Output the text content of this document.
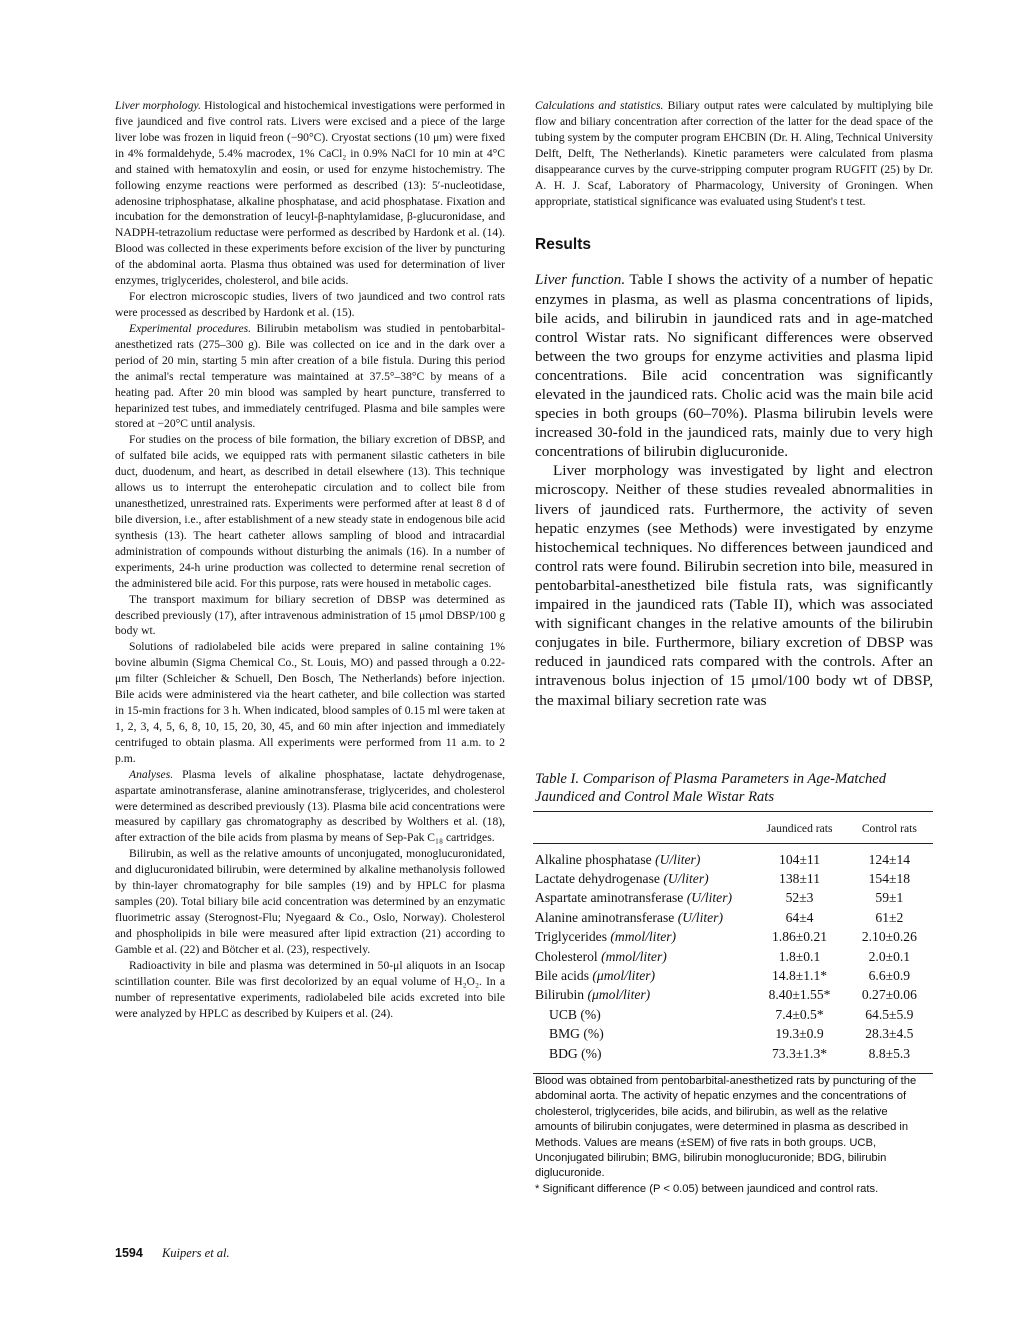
Liver morphology. Histological and histochemical investigations were performed in five jaundiced and five control rats. Livers were excised and a piece of the large liver lobe was frozen in liquid freon (−90°C). Cryostat sections (10 μm) were fixed in 4% formaldehyde, 5.4% macrodex, 1% CaCl₂ in 0.9% NaCl for 10 min at 4°C and stained with hematoxylin and eosin, or used for enzyme histochemistry. The following enzyme reactions were performed as described (13): 5′-nucleotidase, adenosine triphosphatase, alkaline phosphatase, and acid phosphatase. Fixation and incubation for the demonstration of leucyl-β-naphtylamidase, β-glucuronidase, and NADPH-tetrazolium reductase were performed as described by Hardonk et al. (14). Blood was collected in these experiments before excision of the liver by puncturing of the abdominal aorta. Plasma thus obtained was used for determination of liver enzymes, triglycerides, cholesterol, and bile acids.

For electron microscopic studies, livers of two jaundiced and two control rats were processed as described by Hardonk et al. (15).

Experimental procedures. Bilirubin metabolism was studied in pentobarbital-anesthetized rats (275–300 g). Bile was collected on ice and in the dark over a period of 20 min, starting 5 min after creation of a bile fistula. During this period the animal's rectal temperature was maintained at 37.5°–38°C by means of a heating pad. After 20 min blood was sampled by heart puncture, transferred to heparinized test tubes, and immediately centrifuged. Plasma and bile samples were stored at −20°C until analysis.

For studies on the process of bile formation, the biliary excretion of DBSP, and of sulfated bile acids, we equipped rats with permanent silastic catheters in bile duct, duodenum, and heart, as described in detail elsewhere (13). This technique allows us to interrupt the enterohepatic circulation and to collect bile from unanesthetized, unrestrained rats. Experiments were performed after at least 8 d of bile diversion, i.e., after establishment of a new steady state in endogenous bile acid synthesis (13). The heart catheter allows sampling of blood and intracardial administration of compounds without disturbing the animals (16). In a number of experiments, 24-h urine production was collected to determine renal secretion of the administered bile acid. For this purpose, rats were housed in metabolic cages.

The transport maximum for biliary secretion of DBSP was determined as described previously (17), after intravenous administration of 15 μmol DBSP/100 g body wt.

Solutions of radiolabeled bile acids were prepared in saline containing 1% bovine albumin (Sigma Chemical Co., St. Louis, MO) and passed through a 0.22-μm filter (Schleicher & Schuell, Den Bosch, The Netherlands) before injection. Bile acids were administered via the heart catheter, and bile collection was started in 15-min fractions for 3 h. When indicated, blood samples of 0.15 ml were taken at 1, 2, 3, 4, 5, 6, 8, 10, 15, 20, 30, 45, and 60 min after injection and immediately centrifuged to obtain plasma. All experiments were performed from 11 a.m. to 2 p.m.

Analyses. Plasma levels of alkaline phosphatase, lactate dehydrogenase, aspartate aminotransferase, alanine aminotransferase, triglycerides, and cholesterol were determined as described previously (13). Plasma bile acid concentrations were measured by capillary gas chromatography as described by Wolthers et al. (18), after extraction of the bile acids from plasma by means of Sep-Pak C₁₈ cartridges.

Bilirubin, as well as the relative amounts of unconjugated, monoglucuronidated, and diglucuronidated bilirubin, were determined by alkaline methanolysis followed by thin-layer chromatography for bile samples (19) and by HPLC for plasma samples (20). Total biliary bile acid concentration was determined by an enzymatic fluorimetric assay (Sterognost-Flu; Nyegaard & Co., Oslo, Norway). Cholesterol and phospholipids in bile were measured after lipid extraction (21) according to Gamble et al. (22) and Bötcher et al. (23), respectively.

Radioactivity in bile and plasma was determined in 50-μl aliquots in an Isocap scintillation counter. Bile was first decolorized by an equal volume of H₂O₂. In a number of representative experiments, radiolabeled bile acids excreted into bile were analyzed by HPLC as described by Kuipers et al. (24).

Calculations and statistics. Biliary output rates were calculated by multiplying bile flow and biliary concentration after correction of the latter for the dead space of the tubing system by the computer program EHCBIN (Dr. H. Aling, Technical University Delft, Delft, The Netherlands). Kinetic parameters were calculated from plasma disappearance curves by the curve-stripping computer program RUGFIT (25) by Dr. A. H. J. Scaf, Laboratory of Pharmacology, University of Groningen. When appropriate, statistical significance was evaluated using Student's t test.

Results

Liver function. Table I shows the activity of a number of hepatic enzymes in plasma, as well as plasma concentrations of lipids, bile acids, and bilirubin in jaundiced rats and in age-matched control Wistar rats. No significant differences were observed between the two groups for enzyme activities and plasma lipid concentrations. Bile acid concentration was significantly elevated in the jaundiced rats. Cholic acid was the main bile acid species in both groups (60–70%). Plasma bilirubin levels were increased 30-fold in the jaundiced rats, mainly due to very high concentrations of bilirubin diglucuronide.

Liver morphology was investigated by light and electron microscopy. Neither of these studies revealed abnormalities in livers of jaundiced rats. Furthermore, the activity of seven hepatic enzymes (see Methods) were investigated by enzyme histochemical techniques. No differences between jaundiced and control rats were found. Bilirubin secretion into bile, measured in pentobarbital-anesthetized bile fistula rats, was significantly impaired in the jaundiced rats (Table II), which was associated with significant changes in the relative amounts of the bilirubin conjugates in bile. Furthermore, biliary excretion of DBSP was reduced in jaundiced rats compared with the controls. After an intravenous bolus injection of 15 μmol/100 body wt of DBSP, the maximal biliary secretion rate was

Table I. Comparison of Plasma Parameters in Age-Matched Jaundiced and Control Male Wistar Rats
	Jaundiced rats	Control rats

Alkaline phosphatase (U/liter)	104±11	124±14
Lactate dehydrogenase (U/liter)	138±11	154±18
Aspartate aminotransferase (U/liter)	52±3	59±1
Alanine aminotransferase (U/liter)	64±4	61±2
Triglycerides (mmol/liter)	1.86±0.21	2.10±0.26
Cholesterol (mmol/liter)	1.8±0.1	2.0±0.1
Bile acids (μmol/liter)	14.8±1.1*	6.6±0.9
Bilirubin (μmol/liter)	8.40±1.55*	0.27±0.06
UCB (%)	7.4±0.5*	64.5±5.9
BMG (%)	19.3±0.9	28.3±4.5
BDG (%)	73.3±1.3*	8.8±5.3

Blood was obtained from pentobarbital-anesthetized rats by puncturing of the abdominal aorta. The activity of hepatic enzymes and the concentrations of cholesterol, triglycerides, bile acids, and bilirubin, as well as the relative amounts of bilirubin conjugates, were determined in plasma as described in Methods. Values are means (±SEM) of five rats in both groups. UCB, Unconjugated bilirubin; BMG, bilirubin monoglucuronide; BDG, bilirubin diglucuronide.

* Significant difference (P < 0.05) between jaundiced and control rats.

1594 Kuipers et al.
